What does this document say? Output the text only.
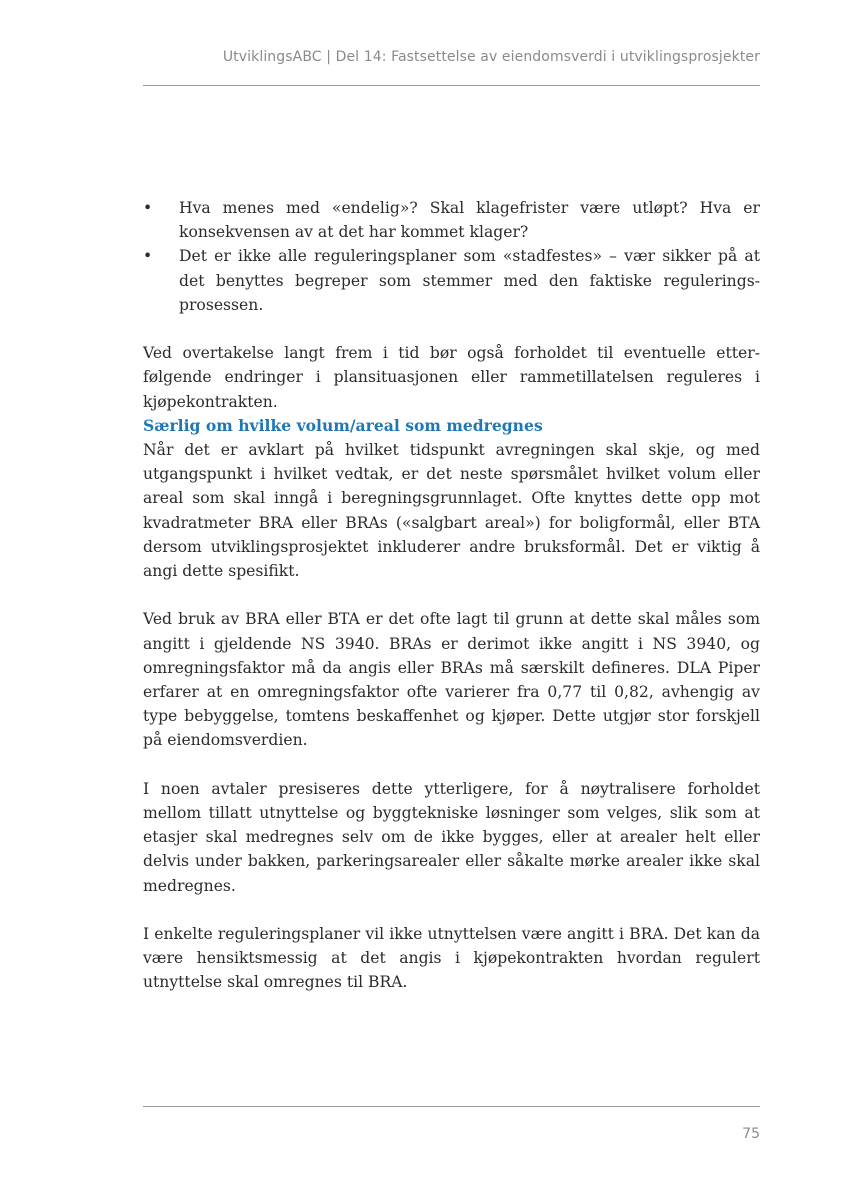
UtviklingsABC | Del 14: Fastsettelse av eiendomsverdi i utviklingsprosjekter
• Hva menes med «endelig»? Skal klagefrister være utløpt? Hva er konsekvensen av at det har kommet klager?
• Det er ikke alle reguleringsplaner som «stadfestes» – vær sikker på at det benyttes begreper som stemmer med den faktiske reguleringsprosessen.

Ved overtakelse langt frem i tid bør også forholdet til eventuelle etterfølgende endringer i plansituasjonen eller rammetillatelsen reguleres i kjøpekontrakten.

Særlig om hvilke volum/areal som medregnes

Når det er avklart på hvilket tidspunkt avregningen skal skje, og med utgangspunkt i hvilket vedtak, er det neste spørsmålet hvilket volum eller areal som skal inngå i beregningsgrunnlaget. Ofte knyttes dette opp mot kvadratmeter BRA eller BRAs («salgbart areal») for boligformål, eller BTA dersom utviklingsprosjektet inkluderer andre bruksformål. Det er viktig å angi dette spesifikt.

Ved bruk av BRA eller BTA er det ofte lagt til grunn at dette skal måles som angitt i gjeldende NS 3940. BRAs er derimot ikke angitt i NS 3940, og omregningsfaktor må da angis eller BRAs må særskilt defineres. DLA Piper erfarer at en omregningsfaktor ofte varierer fra 0,77 til 0,82, avhengig av type bebyggelse, tomtens beskaffenhet og kjøper. Dette utgjør stor forskjell på eiendomsverdien.

I noen avtaler presiseres dette ytterligere, for å nøytralisere forholdet mellom tillatt utnyttelse og byggtekniske løsninger som velges, slik som at etasjer skal medregnes selv om de ikke bygges, eller at arealer helt eller delvis under bakken, parkeringsarealer eller såkalte mørke arealer ikke skal medregnes.

I enkelte reguleringsplaner vil ikke utnyttelsen være angitt i BRA. Det kan da være hensiktsmessig at det angis i kjøpekontrakten hvordan regulert utnyttelse skal omregnes til BRA.

75
